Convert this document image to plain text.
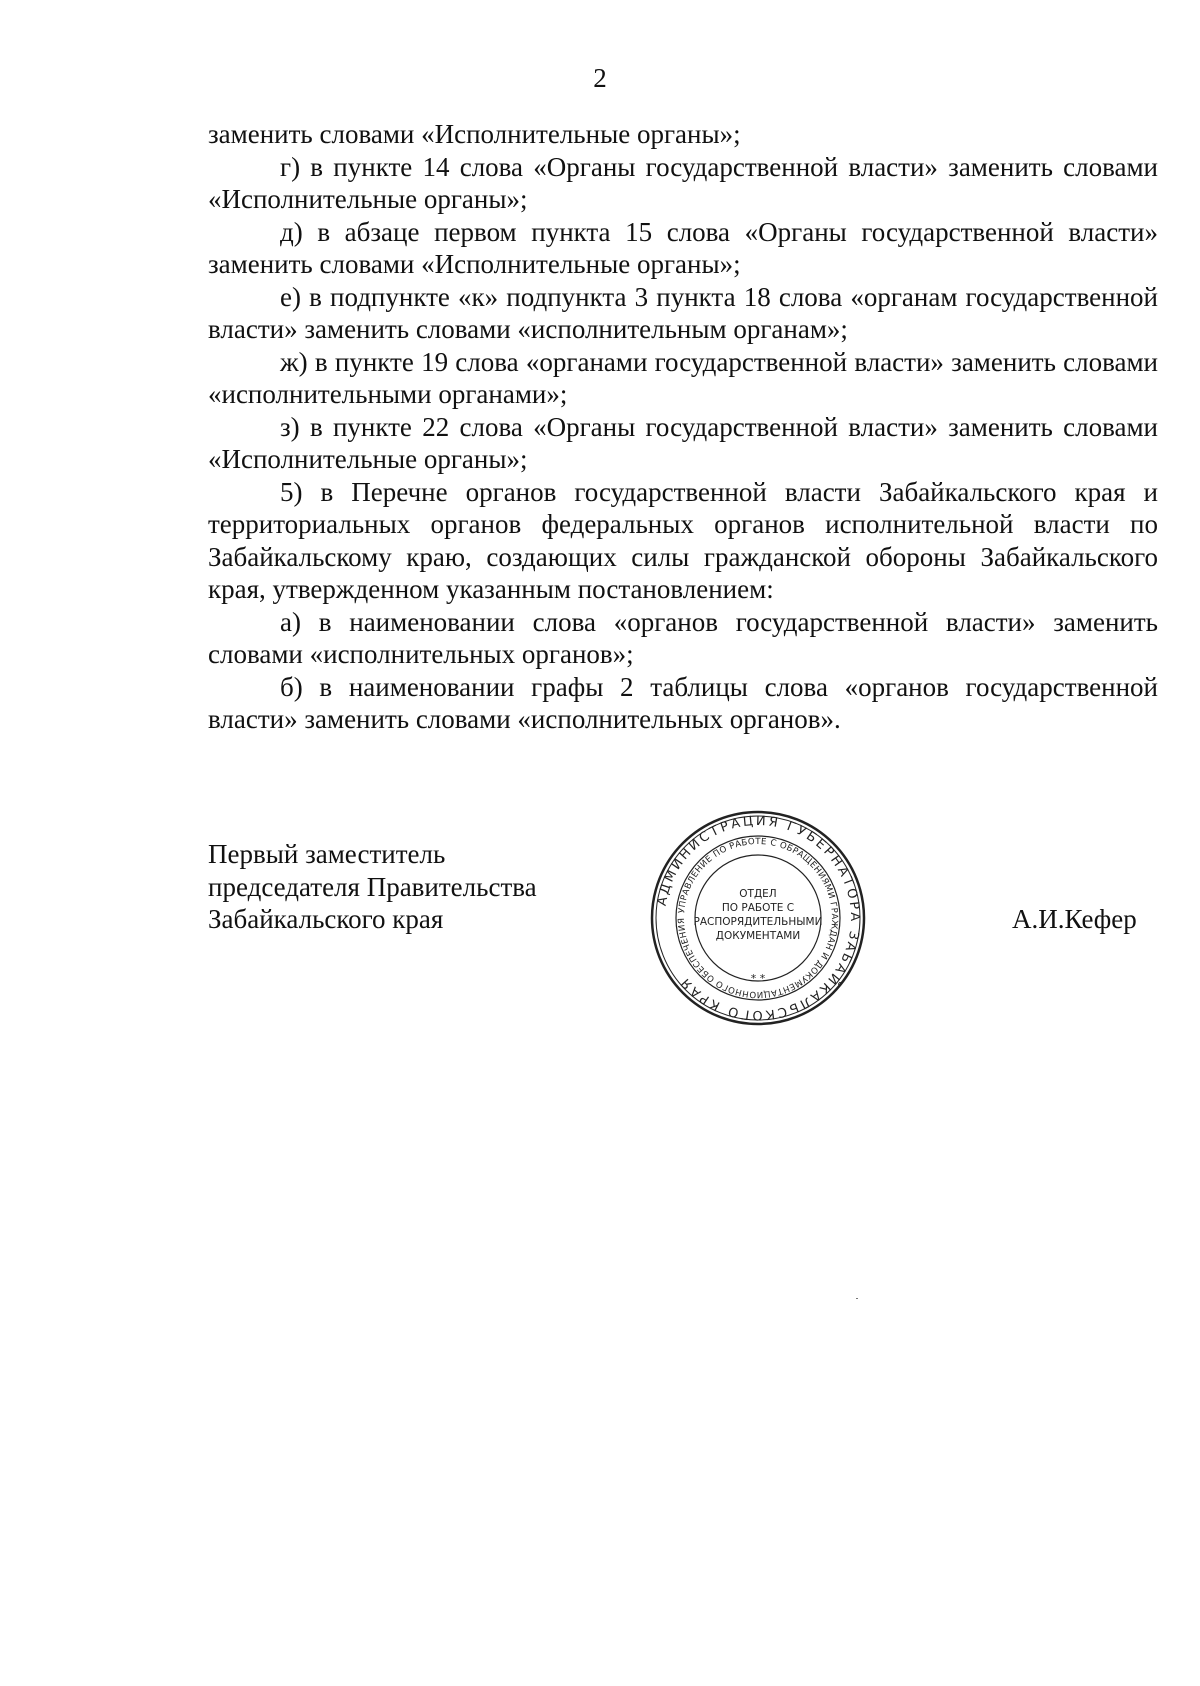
2

заменить словами «Исполнительные органы»;

г) в пункте 14 слова «Органы государственной власти» заменить словами «Исполнительные органы»;

д) в абзаце первом пункта 15 слова «Органы государственной власти» заменить словами «Исполнительные органы»;

е) в подпункте «к» подпункта 3 пункта 18 слова «органам государственной власти» заменить словами «исполнительным органам»;

ж) в пункте 19 слова «органами государственной власти» заменить словами «исполнительными органами»;

з) в пункте 22 слова «Органы государственной власти» заменить словами «Исполнительные органы»;

5) в Перечне органов государственной власти Забайкальского края и территориальных органов федеральных органов исполнительной власти по Забайкальскому краю, создающих силы гражданской обороны Забайкальского края, утвержденном указанным постановлением:

а) в наименовании слова «органов государственной власти» заменить словами «исполнительных органов»;

б) в наименовании графы 2 таблицы слова «органов государственной власти» заменить словами «исполнительных органов».

Первый заместитель
председателя Правительства
Забайкальского края
АДМИНИСТРАЦИЯ ГУБЕРНАТОРА ЗАБАЙКАЛЬСКОГО КРАЯ
УПРАВЛЕНИЕ ПО РАБОТЕ С ОБРАЩЕНИЯМИ ГРАЖДАН И ДОКУМЕНТАЦИОННОГО ОБЕСПЕЧЕНИЯ
ОТДЕЛ
ПО РАБОТЕ С
РАСПОРЯДИТЕЛЬНЫМИ
ДОКУМЕНТАМИ
* *
А.И.Кефер
